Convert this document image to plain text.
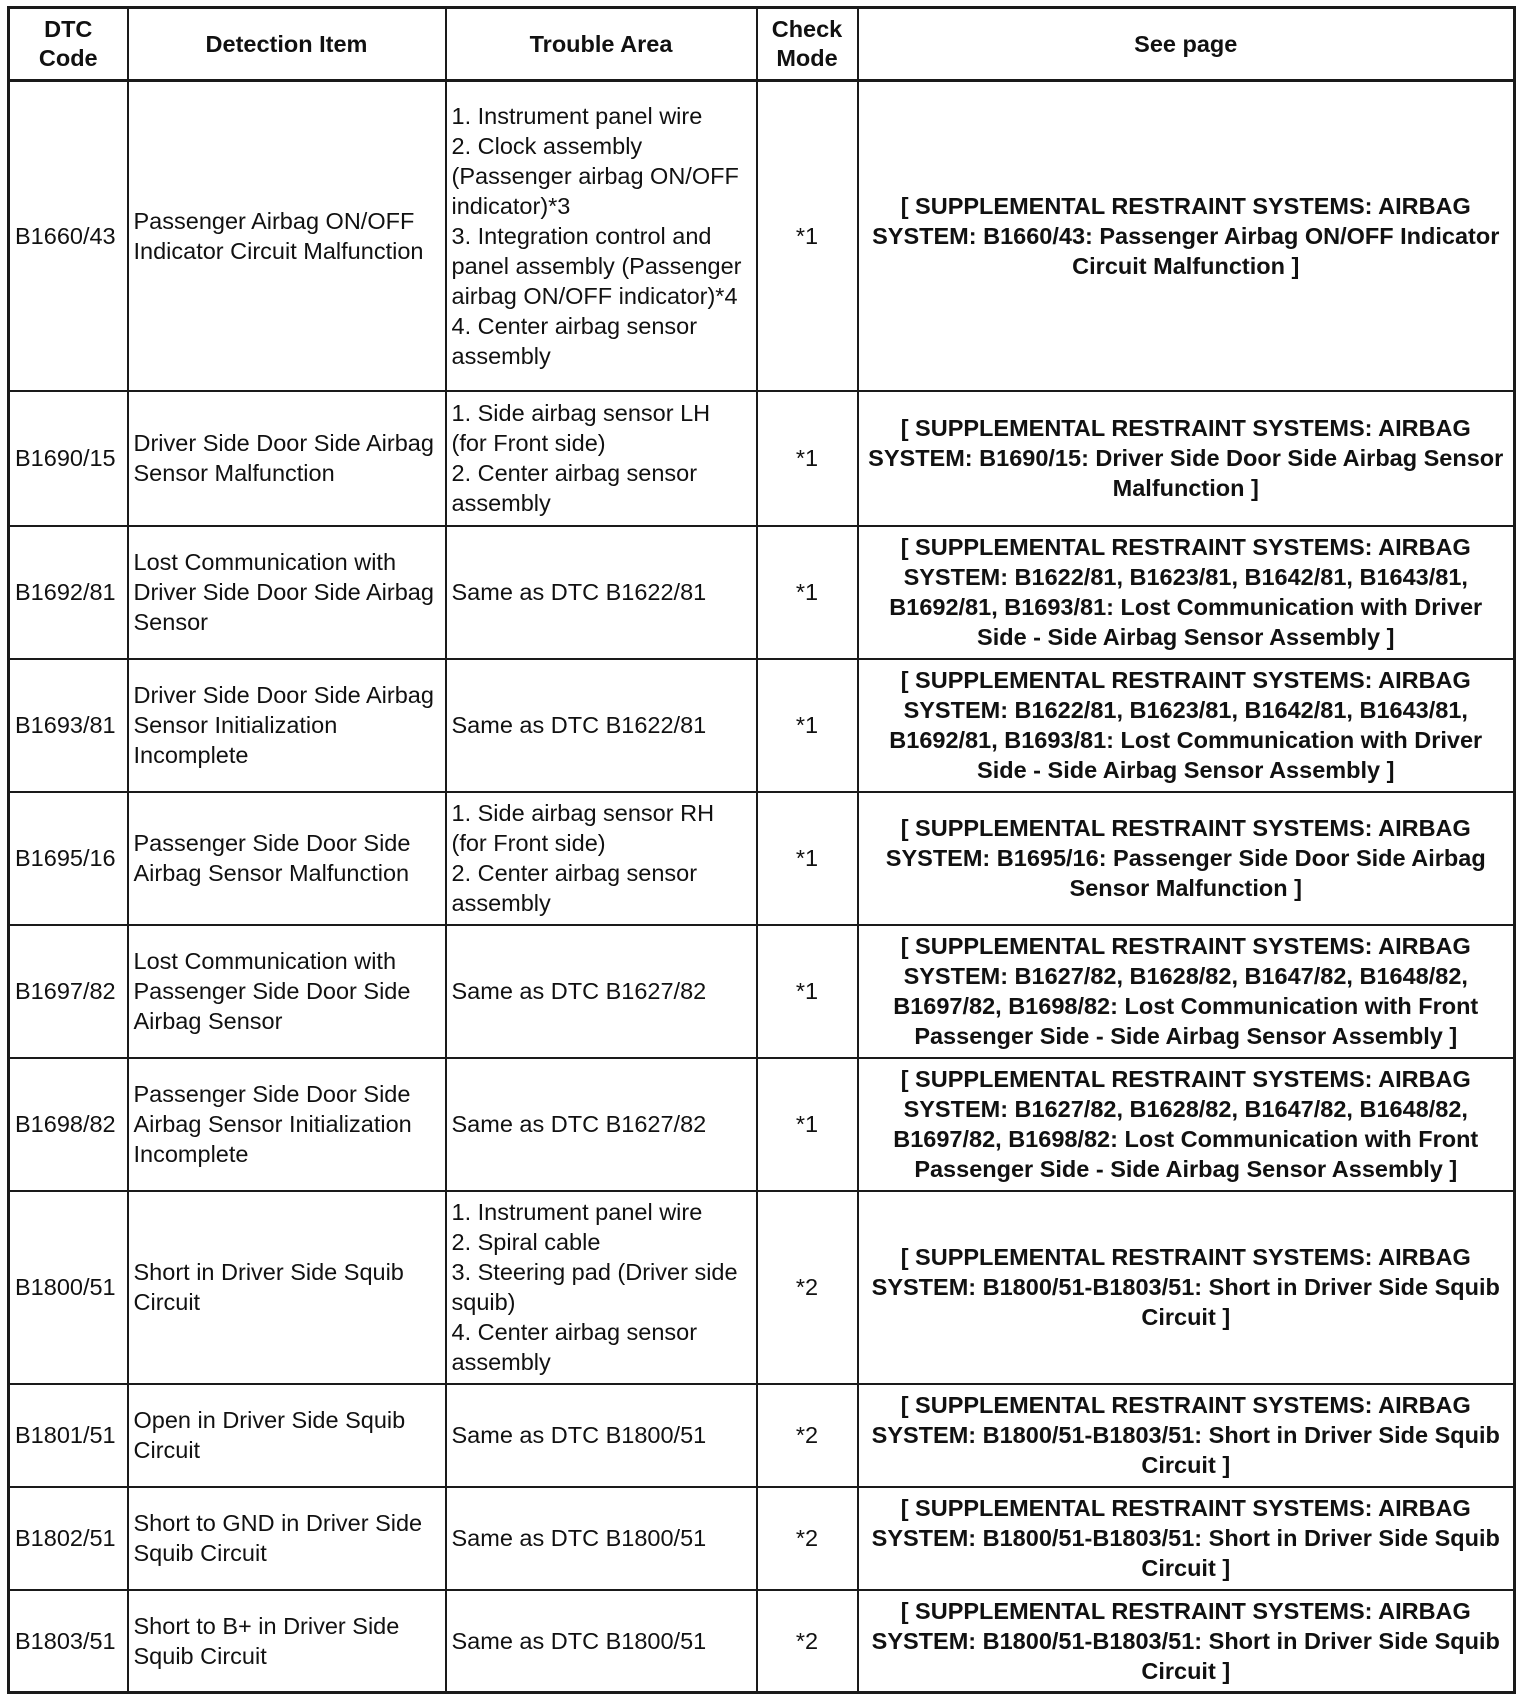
DTC Code	Detection Item	Trouble Area	Check Mode	See page
B1660/43	Passenger Airbag ON/OFF Indicator Circuit Malfunction	1. Instrument panel wire
2. Clock assembly (Passenger airbag ON/OFF indicator)*3
3. Integration control and panel assembly (Passenger airbag ON/OFF indicator)*4
4. Center airbag sensor assembly	*1	[ SUPPLEMENTAL RESTRAINT SYSTEMS: AIRBAG SYSTEM: B1660/43: Passenger Airbag ON/OFF Indicator Circuit Malfunction ]
B1690/15	Driver Side Door Side Airbag Sensor Malfunction	1. Side airbag sensor LH (for Front side)
2. Center airbag sensor assembly	*1	[ SUPPLEMENTAL RESTRAINT SYSTEMS: AIRBAG SYSTEM: B1690/15: Driver Side Door Side Airbag Sensor Malfunction ]
B1692/81	Lost Communication with Driver Side Door Side Airbag Sensor	Same as DTC B1622/81	*1	[ SUPPLEMENTAL RESTRAINT SYSTEMS: AIRBAG SYSTEM: B1622/81, B1623/81, B1642/81, B1643/81, B1692/81, B1693/81: Lost Communication with Driver Side - Side Airbag Sensor Assembly ]
B1693/81	Driver Side Door Side Airbag Sensor Initialization Incomplete	Same as DTC B1622/81	*1	[ SUPPLEMENTAL RESTRAINT SYSTEMS: AIRBAG SYSTEM: B1622/81, B1623/81, B1642/81, B1643/81, B1692/81, B1693/81: Lost Communication with Driver Side - Side Airbag Sensor Assembly ]
B1695/16	Passenger Side Door Side Airbag Sensor Malfunction	1. Side airbag sensor RH (for Front side)
2. Center airbag sensor assembly	*1	[ SUPPLEMENTAL RESTRAINT SYSTEMS: AIRBAG SYSTEM: B1695/16: Passenger Side Door Side Airbag Sensor Malfunction ]
B1697/82	Lost Communication with Passenger Side Door Side Airbag Sensor	Same as DTC B1627/82	*1	[ SUPPLEMENTAL RESTRAINT SYSTEMS: AIRBAG SYSTEM: B1627/82, B1628/82, B1647/82, B1648/82, B1697/82, B1698/82: Lost Communication with Front Passenger Side - Side Airbag Sensor Assembly ]
B1698/82	Passenger Side Door Side Airbag Sensor Initialization Incomplete	Same as DTC B1627/82	*1	[ SUPPLEMENTAL RESTRAINT SYSTEMS: AIRBAG SYSTEM: B1627/82, B1628/82, B1647/82, B1648/82, B1697/82, B1698/82: Lost Communication with Front Passenger Side - Side Airbag Sensor Assembly ]
B1800/51	Short in Driver Side Squib Circuit	1. Instrument panel wire
2. Spiral cable
3. Steering pad (Driver side squib)
4. Center airbag sensor assembly	*2	[ SUPPLEMENTAL RESTRAINT SYSTEMS: AIRBAG SYSTEM: B1800/51-B1803/51: Short in Driver Side Squib Circuit ]
B1801/51	Open in Driver Side Squib Circuit	Same as DTC B1800/51	*2	[ SUPPLEMENTAL RESTRAINT SYSTEMS: AIRBAG SYSTEM: B1800/51-B1803/51: Short in Driver Side Squib Circuit ]
B1802/51	Short to GND in Driver Side Squib Circuit	Same as DTC B1800/51	*2	[ SUPPLEMENTAL RESTRAINT SYSTEMS: AIRBAG SYSTEM: B1800/51-B1803/51: Short in Driver Side Squib Circuit ]
B1803/51	Short to B+ in Driver Side Squib Circuit	Same as DTC B1800/51	*2	[ SUPPLEMENTAL RESTRAINT SYSTEMS: AIRBAG SYSTEM: B1800/51-B1803/51: Short in Driver Side Squib Circuit ]
